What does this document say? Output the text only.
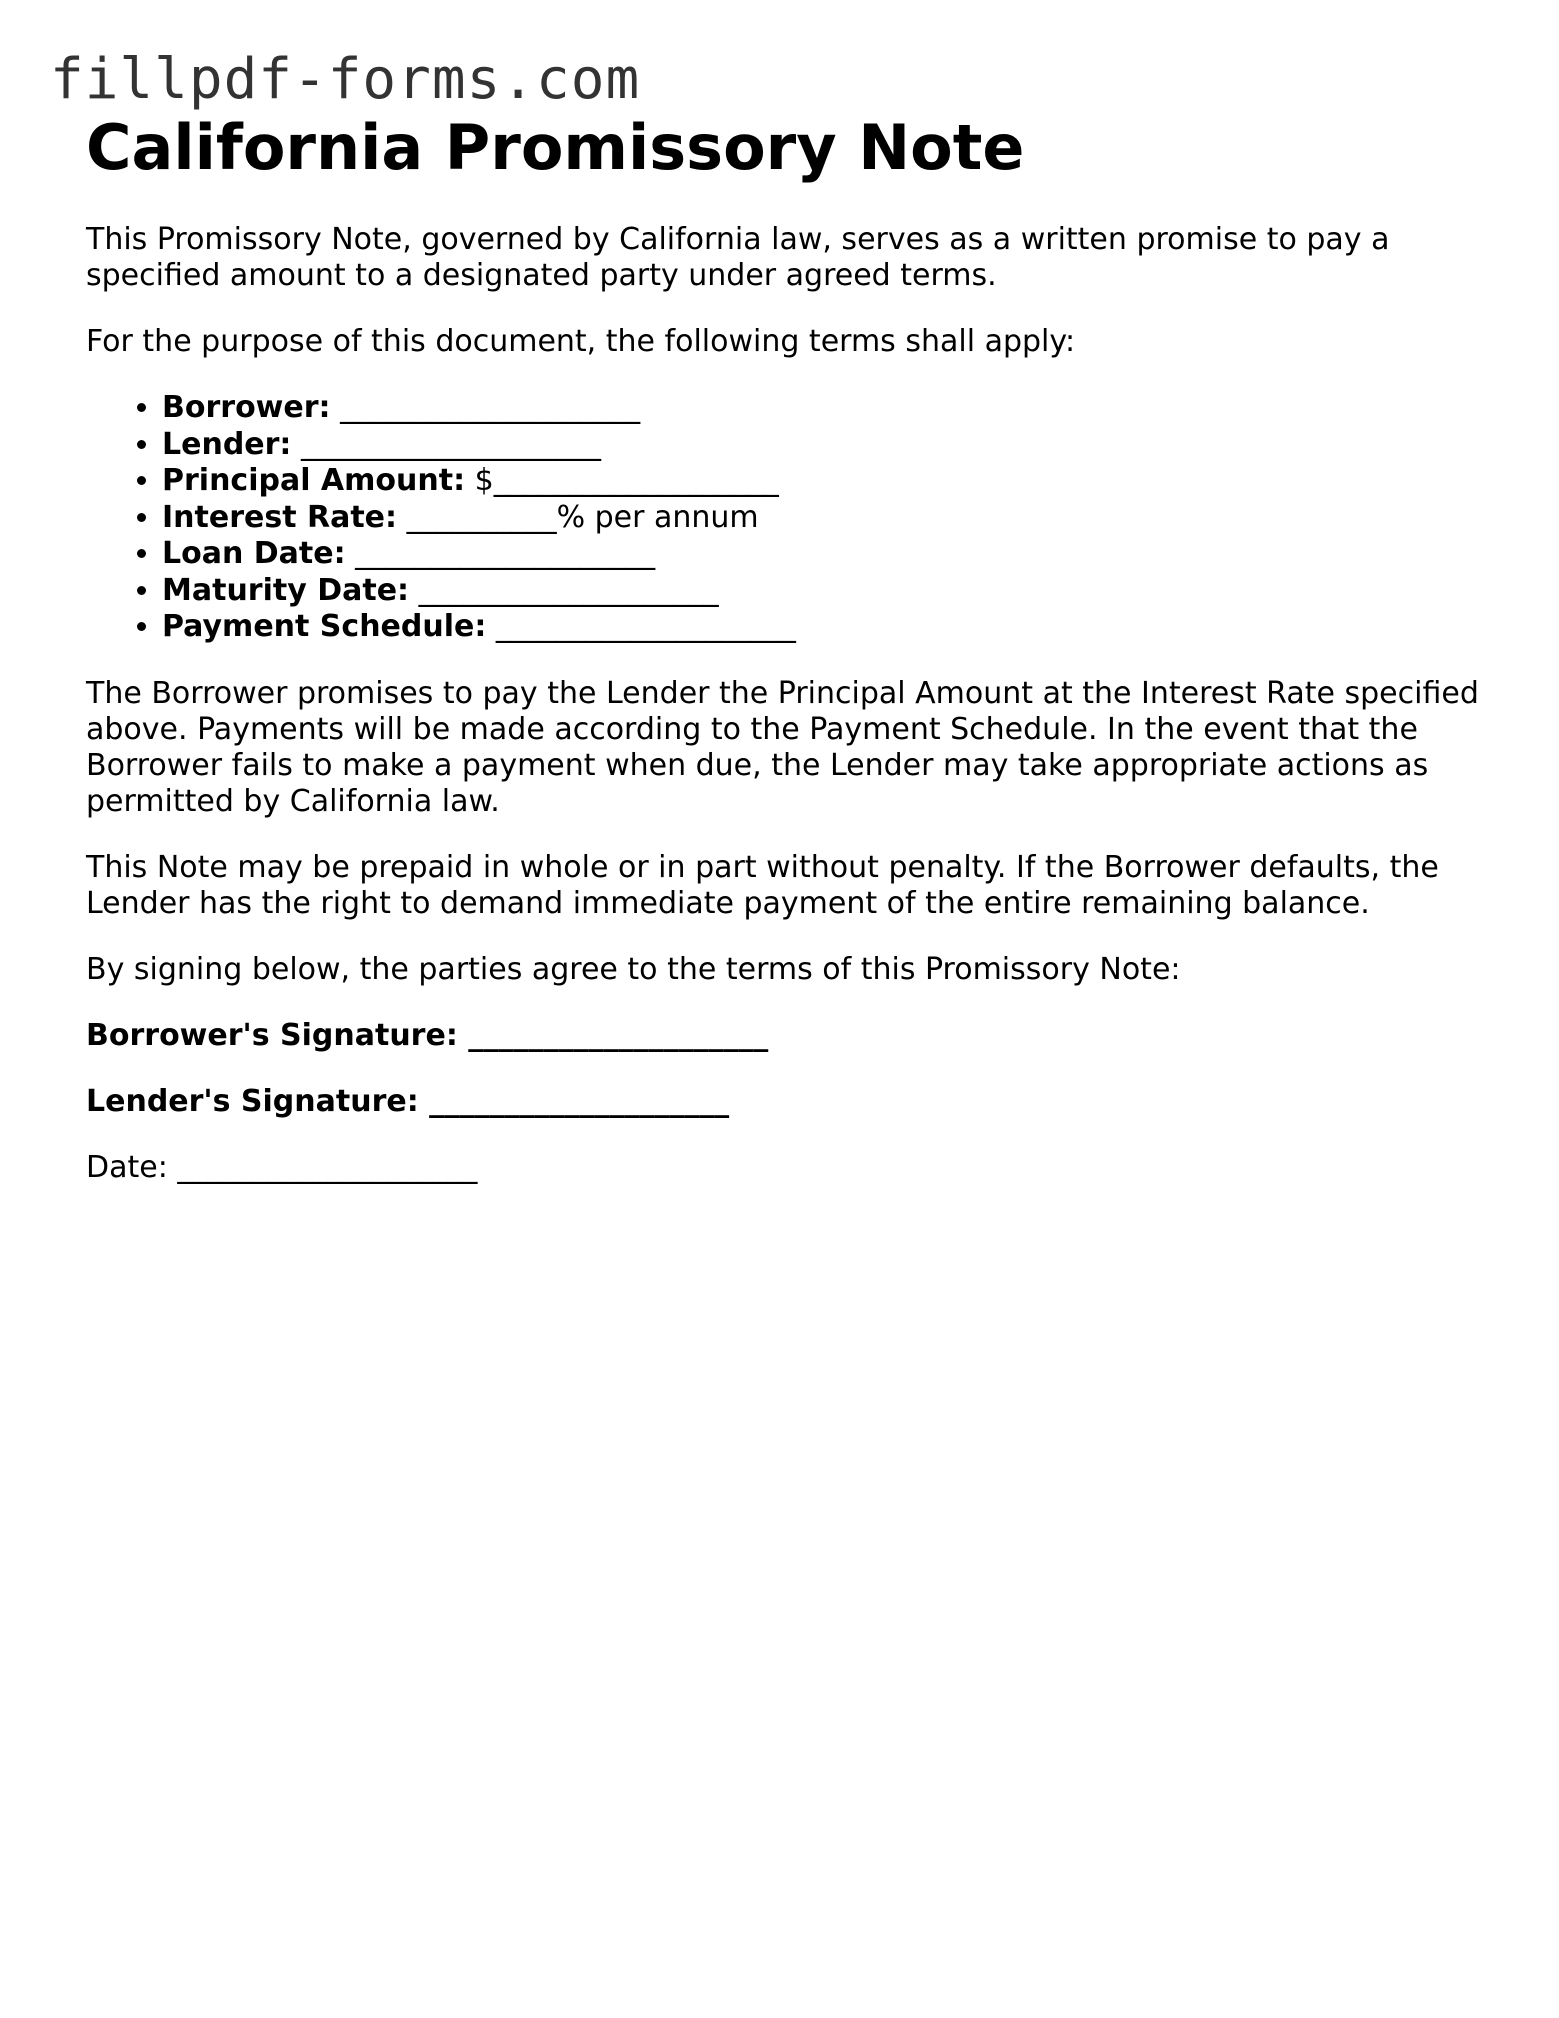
fillpdf-forms.com
California Promissory Note

This Promissory Note, governed by California law, serves as a written promise to pay a specified amount to a designated party under agreed terms.

For the purpose of this document, the following terms shall apply:

• Borrower: ____________________
• Lender: ____________________
• Principal Amount: $___________________
• Interest Rate: __________% per annum
• Loan Date: ____________________
• Maturity Date: ____________________
• Payment Schedule: ____________________

The Borrower promises to pay the Lender the Principal Amount at the Interest Rate specified above. Payments will be made according to the Payment Schedule. In the event that the Borrower fails to make a payment when due, the Lender may take appropriate actions as permitted by California law.

This Note may be prepaid in whole or in part without penalty. If the Borrower defaults, the Lender has the right to demand immediate payment of the entire remaining balance.

By signing below, the parties agree to the terms of this Promissory Note:

Borrower's Signature: ____________________

Lender's Signature: ____________________

Date: ____________________
